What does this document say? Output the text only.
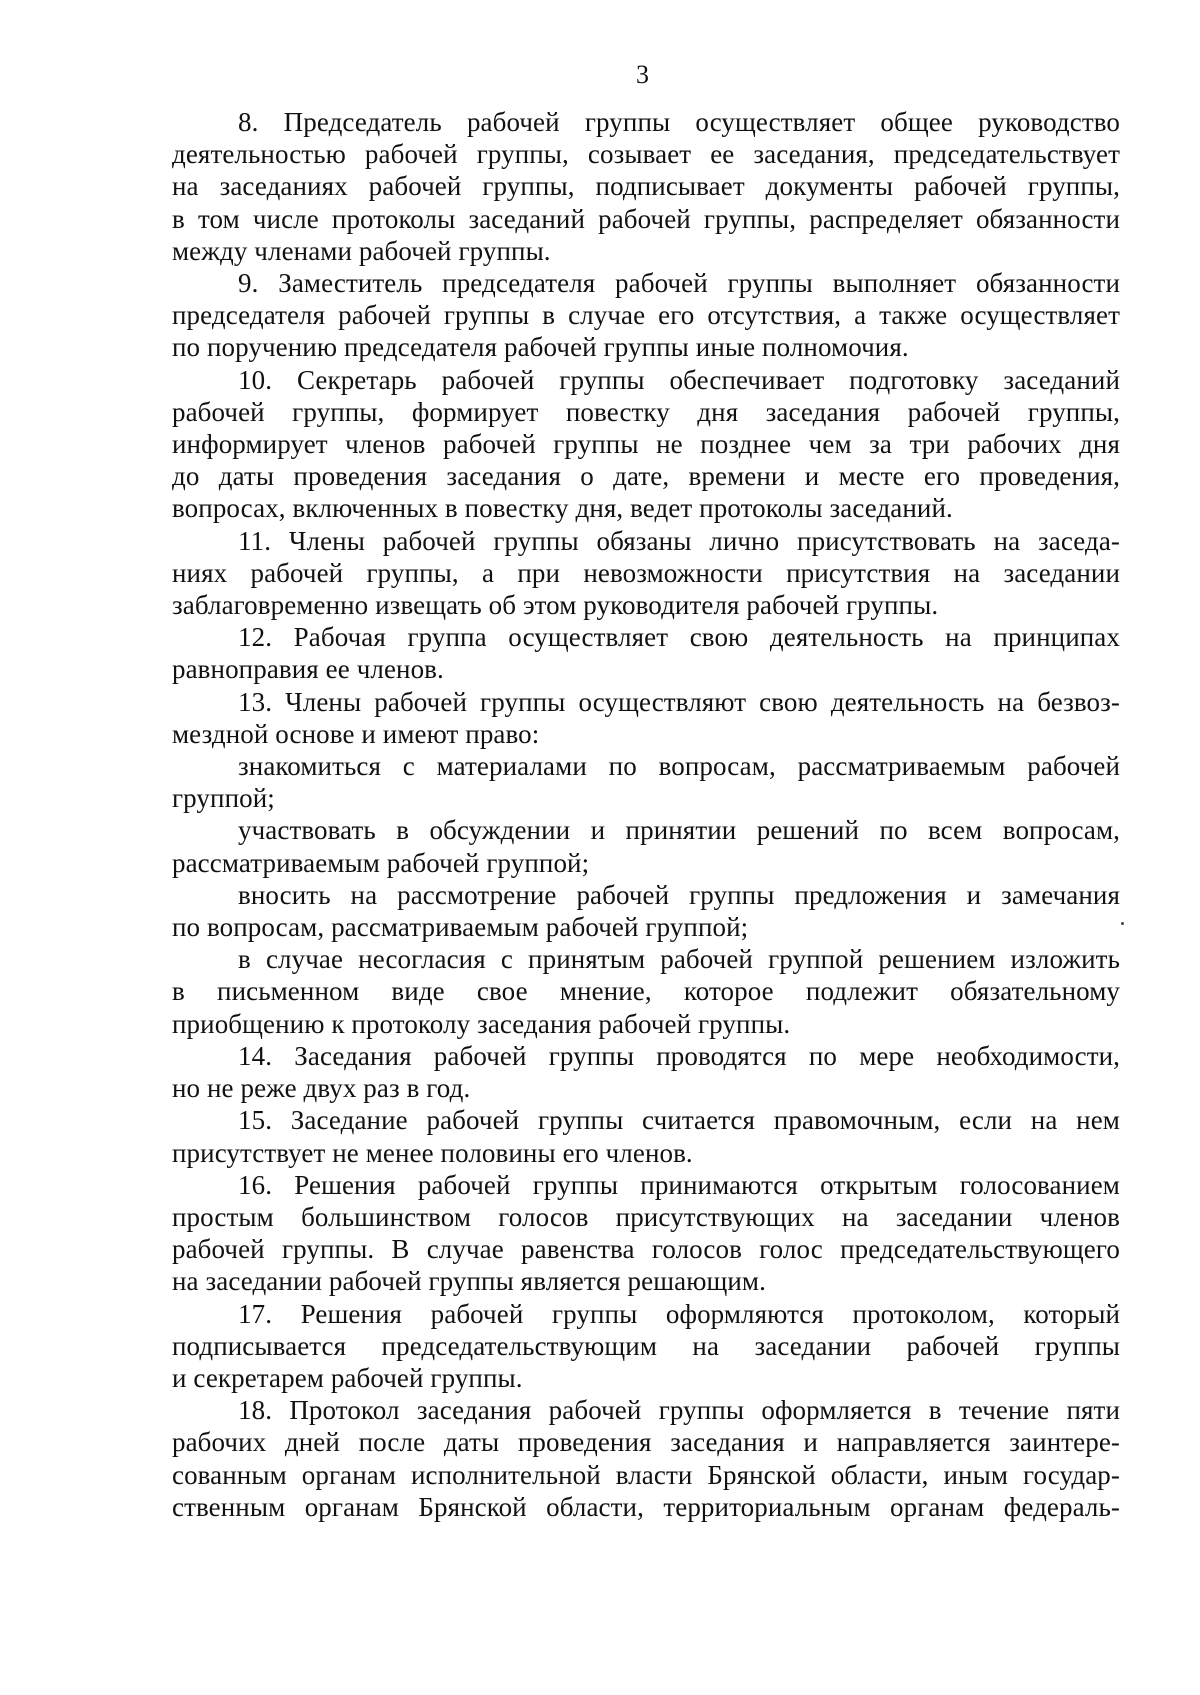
3
8. Председатель рабочей группы осуществляет общее руководство
деятельностью рабочей группы, созывает ее заседания, председательствует
на заседаниях рабочей группы, подписывает документы рабочей группы,
в том числе протоколы заседаний рабочей группы, распределяет обязанности
между членами рабочей группы.
9. Заместитель председателя рабочей группы выполняет обязанности
председателя рабочей группы в случае его отсутствия, а также осуществляет
по поручению председателя рабочей группы иные полномочия.
10. Секретарь рабочей группы обеспечивает подготовку заседаний
рабочей группы, формирует повестку дня заседания рабочей группы,
информирует членов рабочей группы не позднее чем за три рабочих дня
до даты проведения заседания о дате, времени и месте его проведения,
вопросах, включенных в повестку дня, ведет протоколы заседаний.
11. Члены рабочей группы обязаны лично присутствовать на заседа-
ниях рабочей группы, а при невозможности присутствия на заседании
заблаговременно извещать об этом руководителя рабочей группы.
12. Рабочая группа осуществляет свою деятельность на принципах
равноправия ее членов.
13. Члены рабочей группы осуществляют свою деятельность на безвоз-
мездной основе и имеют право:
знакомиться с материалами по вопросам, рассматриваемым рабочей
группой;
участвовать в обсуждении и принятии решений по всем вопросам,
рассматриваемым рабочей группой;
вносить на рассмотрение рабочей группы предложения и замечания
по вопросам, рассматриваемым рабочей группой;
в случае несогласия с принятым рабочей группой решением изложить
в письменном виде свое мнение, которое подлежит обязательному
приобщению к протоколу заседания рабочей группы.
14. Заседания рабочей группы проводятся по мере необходимости,
но не реже двух раз в год.
15. Заседание рабочей группы считается правомочным, если на нем
присутствует не менее половины его членов.
16. Решения рабочей группы принимаются открытым голосованием
простым большинством голосов присутствующих на заседании членов
рабочей группы. В случае равенства голосов голос председательствующего
на заседании рабочей группы является решающим.
17. Решения рабочей группы оформляются протоколом, который
подписывается председательствующим на заседании рабочей группы
и секретарем рабочей группы.
18. Протокол заседания рабочей группы оформляется в течение пяти
рабочих дней после даты проведения заседания и направляется заинтере-
сованным органам исполнительной власти Брянской области, иным государ-
ственным органам Брянской области, территориальным органам федераль-
